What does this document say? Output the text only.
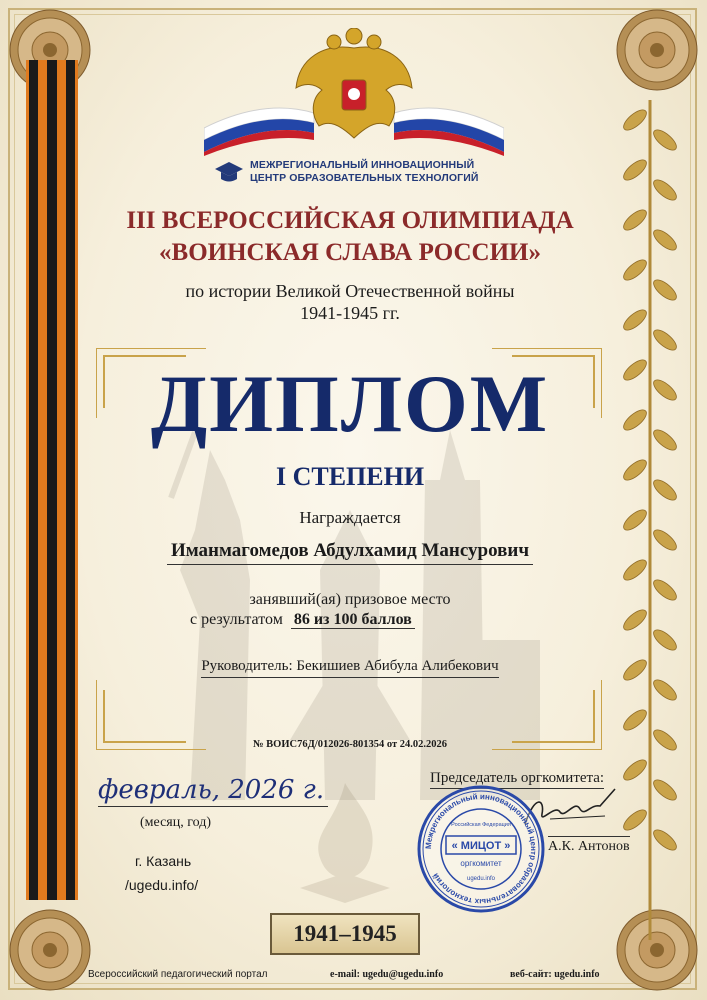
МЕЖРЕГИОНАЛЬНЫЙ ИННОВАЦИОННЫЙ
ЦЕНТР ОБРАЗОВАТЕЛЬНЫХ ТЕХНОЛОГИЙ
III ВСЕРОССИЙСКАЯ ОЛИМПИАДА
«ВОИНСКАЯ СЛАВА РОССИИ»
по истории Великой Отечественной войны
1941-1945 гг.
ДИПЛОМ
I СТЕПЕНИ
Награждается
Иманмагомедов Абдулхамид Мансурович
занявший(ая) призовое место
с результатом 86 из 100 баллов
Руководитель: Бекишиев Абибула Алибекович
№ ВОИС76Д/012026-801354 от 24.02.2026
февраль, 2026 г.
(месяц, год)
г. Казань
/ugedu.info/
Председатель оргкомитета:
А.К. Антонов
Межрегиональный инновационный центр образовательных технологий
« МИЦОТ »
оргкомитет
Российская Федерация
ugedu.info
1941–1945
Всероссийский педагогический портал	e-mail: ugedu@ugedu.info	веб-сайт: ugedu.info
